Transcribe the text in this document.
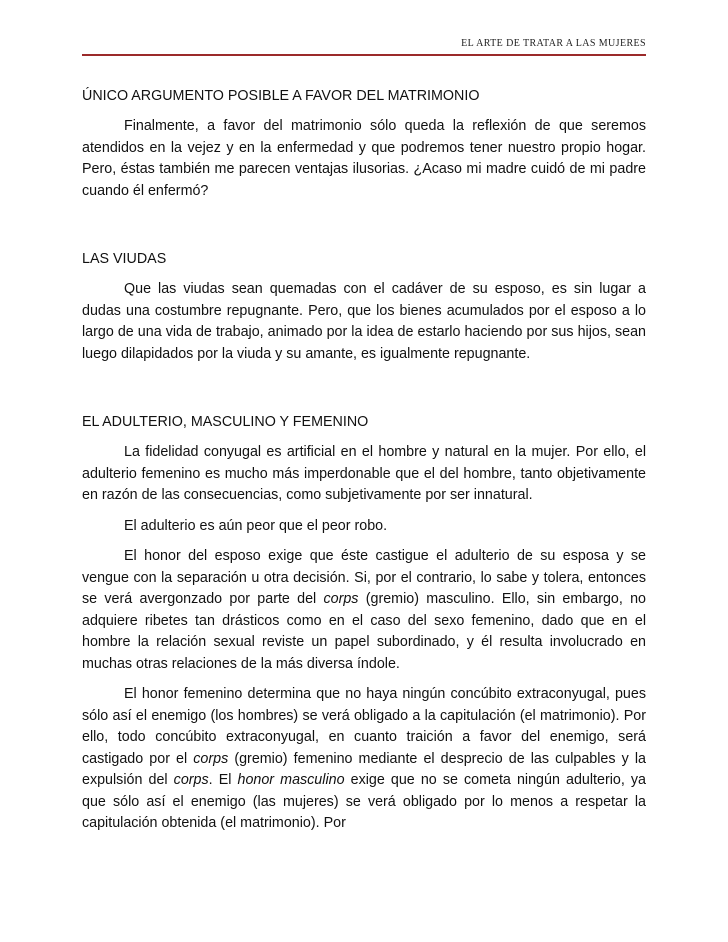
EL ARTE DE TRATAR A LAS MUJERES
ÚNICO ARGUMENTO POSIBLE A FAVOR DEL MATRIMONIO

Finalmente, a favor del matrimonio sólo queda la reflexión de que seremos atendidos en la vejez y en la enfermedad y que podremos tener nuestro propio hogar. Pero, éstas también me parecen ventajas ilusorias. ¿Acaso mi madre cuidó de mi padre cuando él enfermó?

LAS VIUDAS

Que las viudas sean quemadas con el cadáver de su esposo, es sin lugar a dudas una costumbre repugnante. Pero, que los bienes acumulados por el esposo a lo largo de una vida de trabajo, animado por la idea de estarlo haciendo por sus hijos, sean luego dilapidados por la viuda y su amante, es igualmente repugnante.

EL ADULTERIO, MASCULINO Y FEMENINO

La fidelidad conyugal es artificial en el hombre y natural en la mujer. Por ello, el adulterio femenino es mucho más imperdonable que el del hombre, tanto objetivamente en razón de las consecuencias, como subjetivamente por ser innatural.

El adulterio es aún peor que el peor robo.

El honor del esposo exige que éste castigue el adulterio de su esposa y se vengue con la separación u otra decisión. Si, por el contrario, lo sabe y tolera, entonces se verá avergonzado por parte del corps (gremio) masculino. Ello, sin embargo, no adquiere ribetes tan drásticos como en el caso del sexo femenino, dado que en el hombre la relación sexual reviste un papel subordinado, y él resulta involucrado en muchas otras relaciones de la más diversa índole.

El honor femenino determina que no haya ningún concúbito extraconyugal, pues sólo así el enemigo (los hombres) se verá obligado a la capitulación (el matrimonio). Por ello, todo concúbito extraconyugal, en cuanto traición a favor del enemigo, será castigado por el corps (gremio) femenino mediante el desprecio de las culpables y la expulsión del corps. El honor masculino exige que no se cometa ningún adulterio, ya que sólo así el enemigo (las mujeres) se verá obligado por lo menos a respetar la capitulación obtenida (el matrimonio). Por
